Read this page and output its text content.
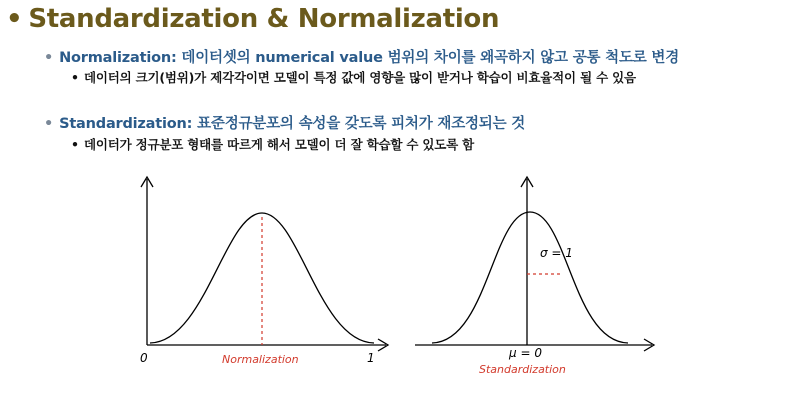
• Standardization & Normalization
• Normalization: 데이터셋의 numerical value 범위의 차이를 왜곡하지 않고 공통 척도로 변경
• 데이터의 크기(범위)가 제각각이면 모델이 특정 값에 영향을 많이 받거나 학습이 비효율적이 될 수 있음
• Standardization: 표준정규분포의 속성을 갖도록 피처가 재조정되는 것
• 데이터가 정규분포 형태를 따르게 해서 모델이 더 잘 학습할 수 있도록 함
0	1
Normalization
σ = 1
μ = 0
Standardization
